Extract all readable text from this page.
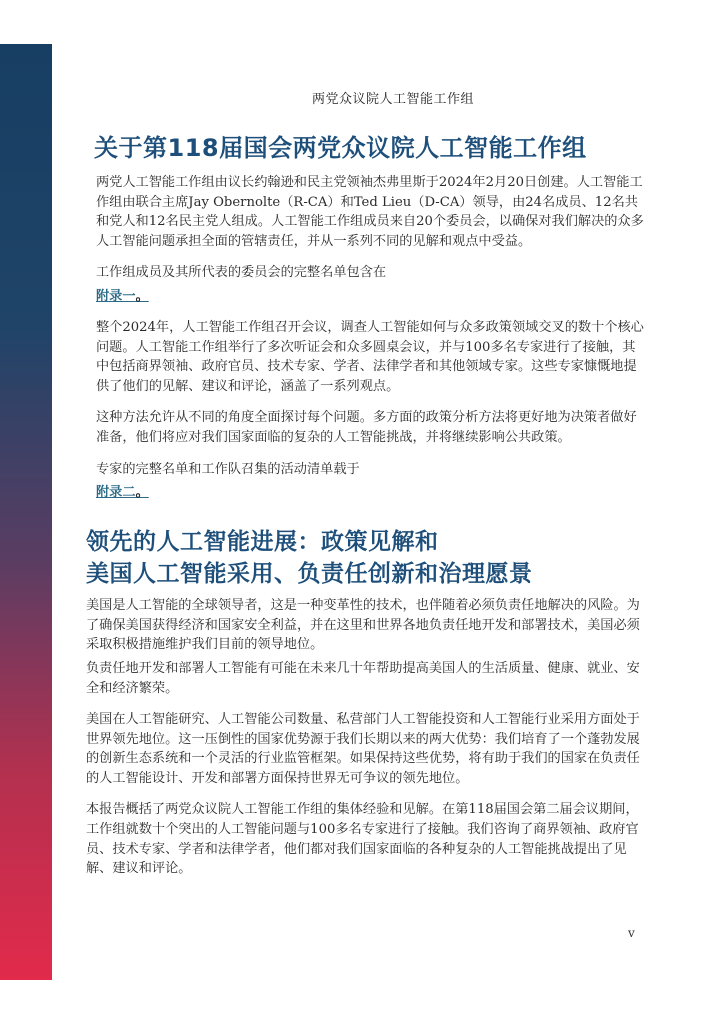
两党众议院人工智能工作组
关于第118届国会两党众议院人工智能工作组

两党人工智能工作组由议长约翰逊和民主党领袖杰弗里斯于2024年2月20日创建。人工智能工作组由联合主席Jay Obernolte（R-CA）和Ted Lieu（D-CA）领导，由24名成员、12名共和党人和12名民主党人组成。人工智能工作组成员来自20个委员会，以确保对我们解决的众多人工智能问题承担全面的管辖责任，并从一系列不同的见解和观点中受益。

工作组成员及其所代表的委员会的完整名单包含在

附录一。

整个2024年，人工智能工作组召开会议，调查人工智能如何与众多政策领域交叉的数十个核心问题。人工智能工作组举行了多次听证会和众多圆桌会议，并与100多名专家进行了接触，其中包括商界领袖、政府官员、技术专家、学者、法律学者和其他领域专家。这些专家慷慨地提供了他们的见解、建议和评论，涵盖了一系列观点。

这种方法允许从不同的角度全面探讨每个问题。多方面的政策分析方法将更好地为决策者做好准备，他们将应对我们国家面临的复杂的人工智能挑战，并将继续影响公共政策。

专家的完整名单和工作队召集的活动清单载于

附录二。
领先的人工智能进展：政策见解和
美国人工智能采用、负责任创新和治理愿景

美国是人工智能的全球领导者，这是一种变革性的技术，也伴随着必须负责任地解决的风险。为了确保美国获得经济和国家安全利益，并在这里和世界各地负责任地开发和部署技术，美国必须采取积极措施维护我们目前的领导地位。

负责任地开发和部署人工智能有可能在未来几十年帮助提高美国人的生活质量、健康、就业、安全和经济繁荣。

美国在人工智能研究、人工智能公司数量、私营部门人工智能投资和人工智能行业采用方面处于世界领先地位。这一压倒性的国家优势源于我们长期以来的两大优势：我们培育了一个蓬勃发展的创新生态系统和一个灵活的行业监管框架。如果保持这些优势，将有助于我们的国家在负责任的人工智能设计、开发和部署方面保持世界无可争议的领先地位。

本报告概括了两党众议院人工智能工作组的集体经验和见解。在第118届国会第二届会议期间，工作组就数十个突出的人工智能问题与100多名专家进行了接触。我们咨询了商界领袖、政府官员、技术专家、学者和法律学者，他们都对我们国家面临的各种复杂的人工智能挑战提出了见解、建议和评论。

v
